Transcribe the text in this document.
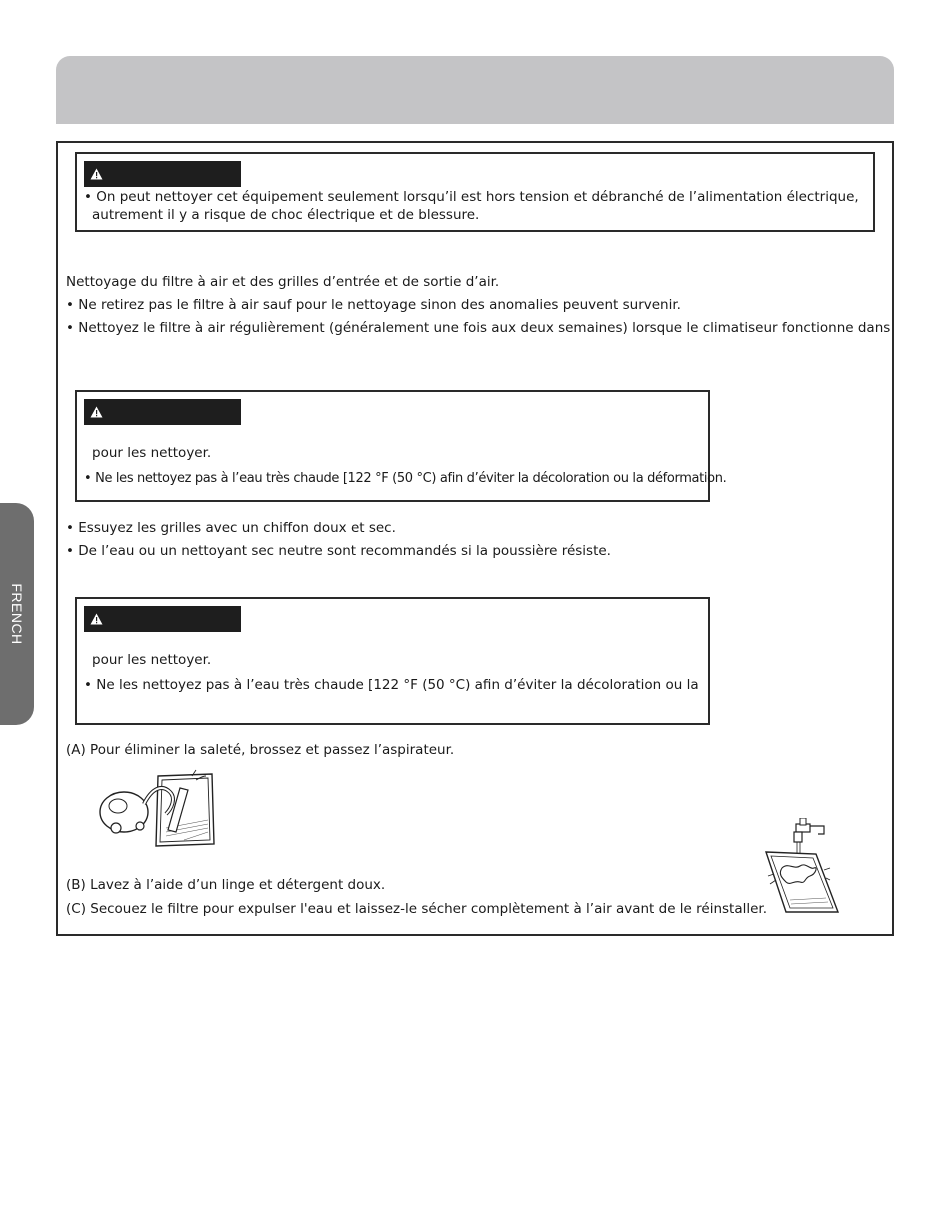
FRENCH
• On peut nettoyer cet équipement seulement lorsqu’il est hors tension et débranché de l’alimentation électrique,
autrement il y a risque de choc électrique et de blessure.
Nettoyage du filtre à air et des grilles d’entrée et de sortie d’air.
• Ne retirez pas le filtre à air sauf pour le nettoyage sinon des anomalies peuvent survenir.
• Nettoyez le filtre à air régulièrement (généralement une fois aux deux semaines) lorsque le climatiseur fonctionne dans
pour les nettoyer.
• Ne les nettoyez pas à l’eau très chaude [122 °F (50 °C) afin d’éviter la décoloration ou la déformation.
• Essuyez les grilles avec un chiffon doux et sec.
• De l’eau ou un nettoyant sec neutre sont recommandés si la poussière résiste.
pour les nettoyer.
• Ne les nettoyez pas à l’eau très chaude [122 °F (50 °C) afin d’éviter la décoloration ou la
(A) Pour éliminer la saleté, brossez et passez l’aspirateur.
(B) Lavez à l’aide d’un linge et détergent doux.
(C) Secouez le filtre pour expulser l'eau et laissez-le sécher complètement à l’air avant de le réinstaller.
